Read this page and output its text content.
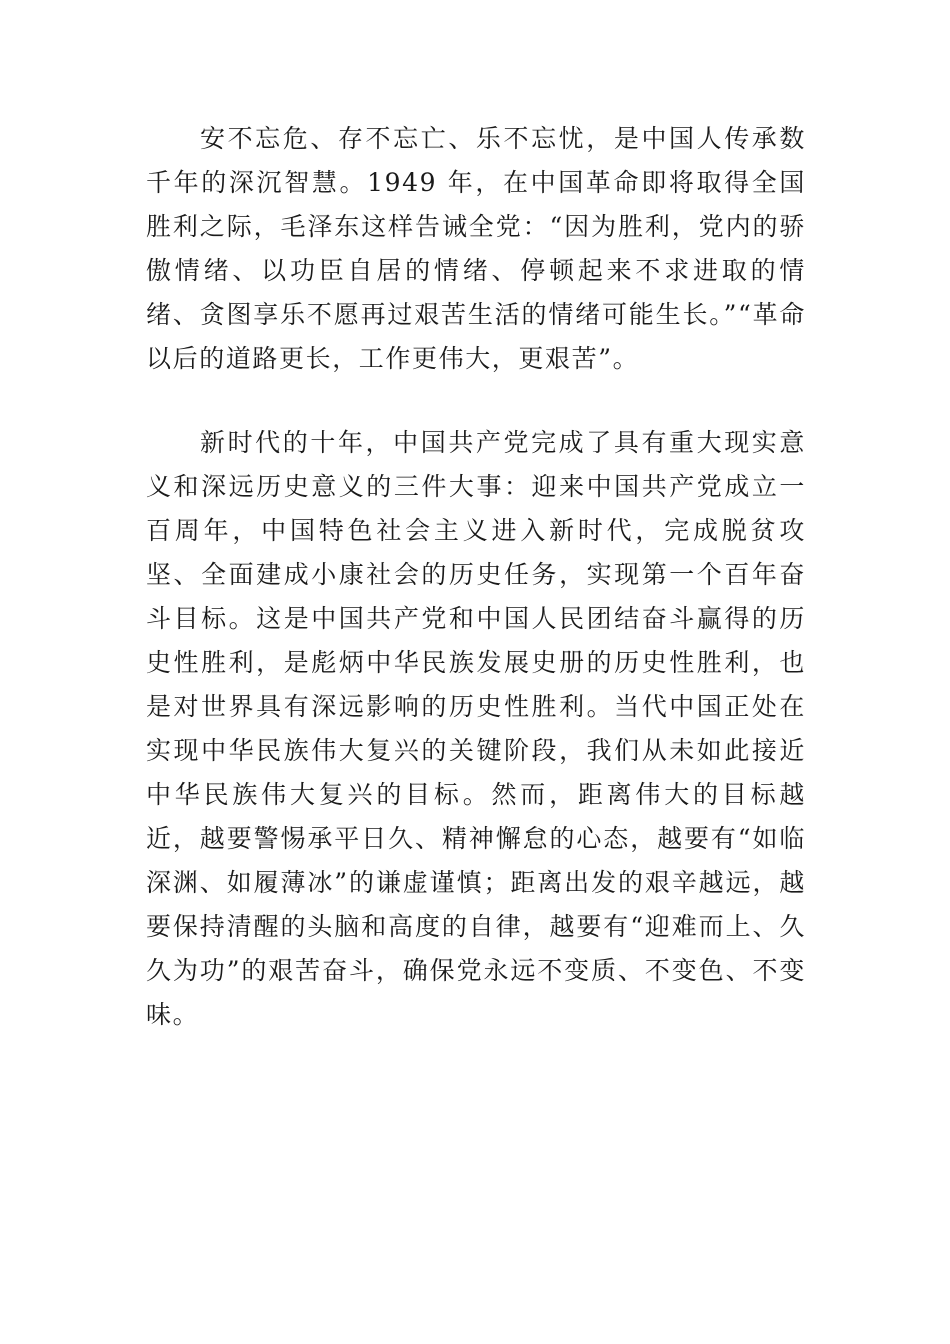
安不忘危、存不忘亡、乐不忘忧，是中国人传承数千年的深沉智慧。1949 年，在中国革命即将取得全国胜利之际，毛泽东这样告诫全党：“因为胜利，党内的骄傲情绪、以功臣自居的情绪、停顿起来不求进取的情绪、贪图享乐不愿再过艰苦生活的情绪可能生长。”“革命以后的道路更长，工作更伟大，更艰苦”。

新时代的十年，中国共产党完成了具有重大现实意义和深远历史意义的三件大事：迎来中国共产党成立一百周年，中国特色社会主义进入新时代，完成脱贫攻坚、全面建成小康社会的历史任务，实现第一个百年奋斗目标。这是中国共产党和中国人民团结奋斗赢得的历史性胜利，是彪炳中华民族发展史册的历史性胜利，也是对世界具有深远影响的历史性胜利。当代中国正处在实现中华民族伟大复兴的关键阶段，我们从未如此接近中华民族伟大复兴的目标。然而，距离伟大的目标越近，越要警惕承平日久、精神懈怠的心态，越要有“如临深渊、如履薄冰”的谦虚谨慎；距离出发的艰辛越远，越要保持清醒的头脑和高度的自律，越要有“迎难而上、久久为功”的艰苦奋斗，确保党永远不变质、不变色、不变味。
